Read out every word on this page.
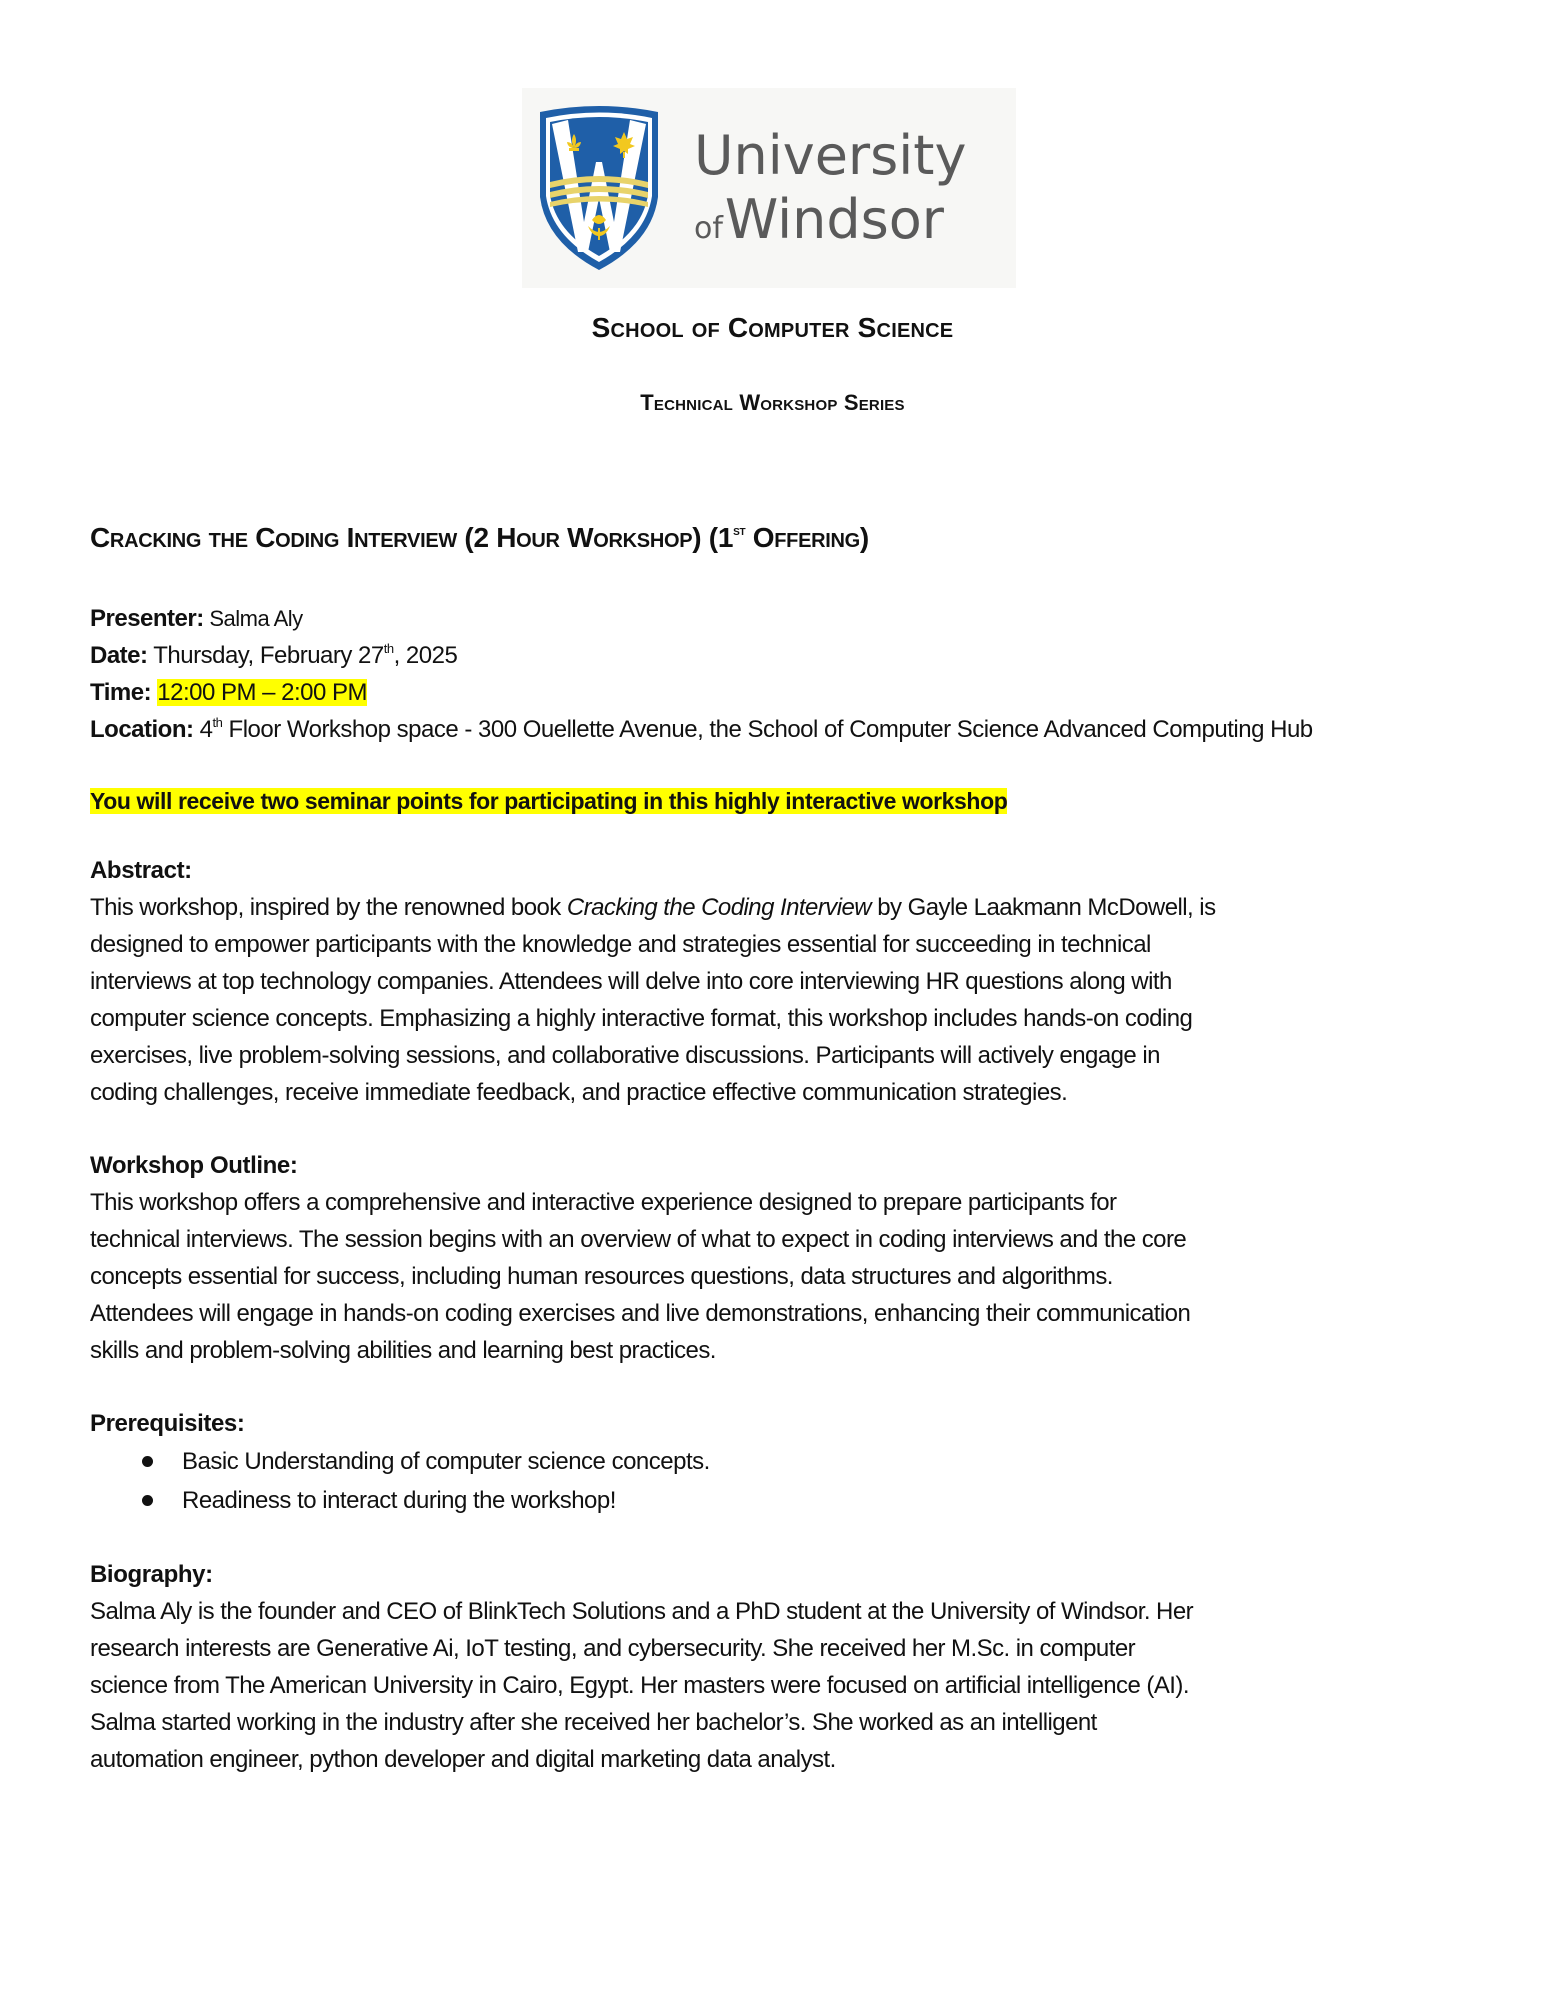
University
ofWindsor
School of Computer Science
Technical Workshop Series
Cracking the Coding Interview (2 Hour Workshop) (1st Offering)
Presenter: Salma Aly
Date: Thursday, February 27th, 2025
Time: 12:00 PM – 2:00 PM
Location: 4th Floor Workshop space - 300 Ouellette Avenue, the School of Computer Science Advanced Computing Hub
You will receive two seminar points for participating in this highly interactive workshop
Abstract:
This workshop, inspired by the renowned book Cracking the Coding Interview by Gayle Laakmann McDowell, is
designed to empower participants with the knowledge and strategies essential for succeeding in technical
interviews at top technology companies. Attendees will delve into core interviewing HR questions along with
computer science concepts. Emphasizing a highly interactive format, this workshop includes hands-on coding
exercises, live problem-solving sessions, and collaborative discussions. Participants will actively engage in
coding challenges, receive immediate feedback, and practice effective communication strategies.
Workshop Outline:
This workshop offers a comprehensive and interactive experience designed to prepare participants for
technical interviews. The session begins with an overview of what to expect in coding interviews and the core
concepts essential for success, including human resources questions, data structures and algorithms.
Attendees will engage in hands-on coding exercises and live demonstrations, enhancing their communication
skills and problem-solving abilities and learning best practices.
Prerequisites:
Basic Understanding of computer science concepts.
Readiness to interact during the workshop!
Biography:
Salma Aly is the founder and CEO of BlinkTech Solutions and a PhD student at the University of Windsor. Her
research interests are Generative Ai, IoT testing, and cybersecurity. She received her M.Sc. in computer
science from The American University in Cairo, Egypt. Her masters were focused on artificial intelligence (AI).
Salma started working in the industry after she received her bachelor’s. She worked as an intelligent
automation engineer, python developer and digital marketing data analyst.
